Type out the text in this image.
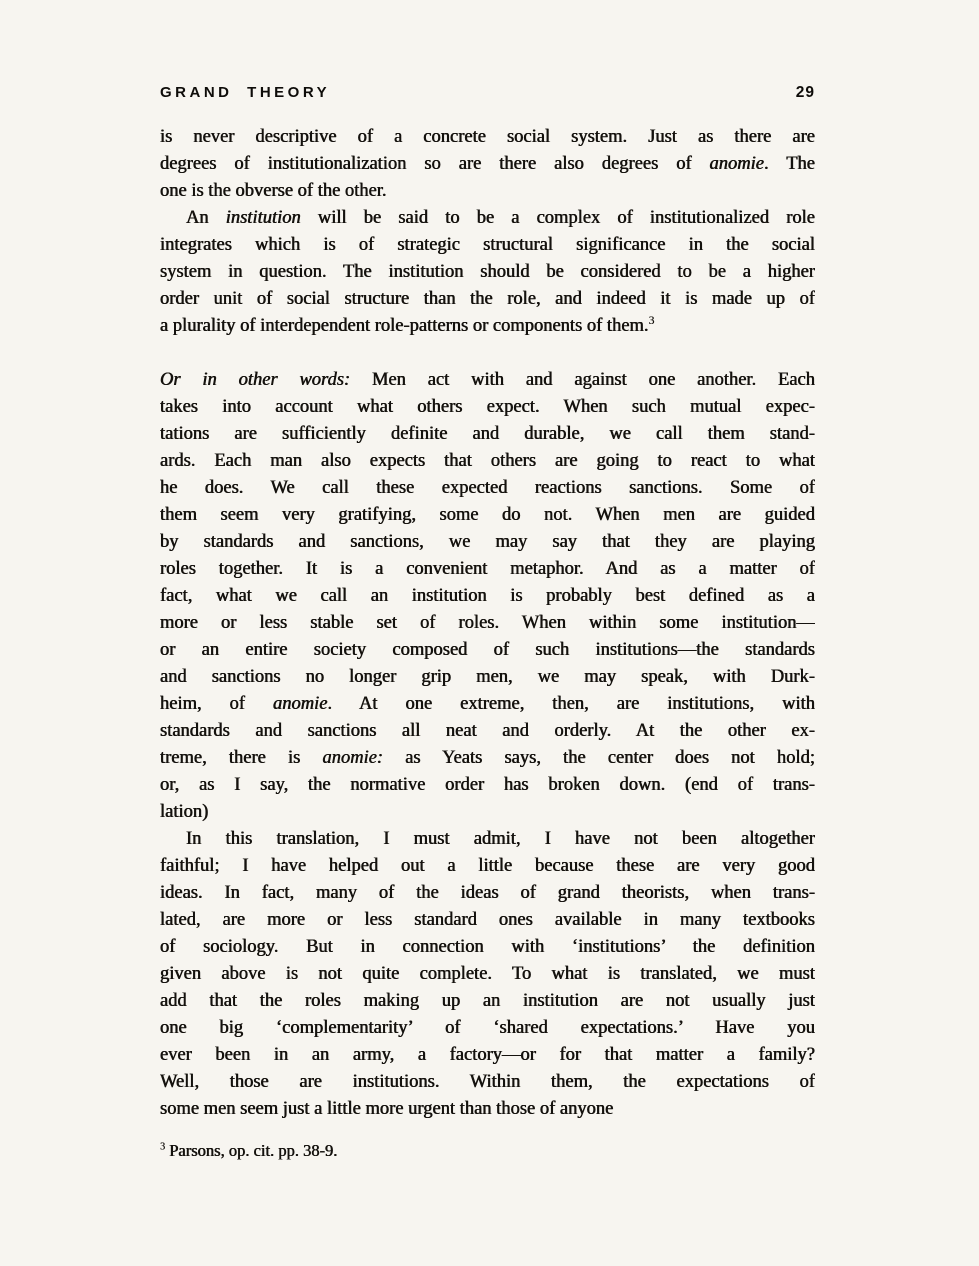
GRAND THEORY	29
is never descriptive of a concrete social system. Just as there are
degrees of institutionalization so are there also degrees of anomie. The
one is the obverse of the other.
An institution will be said to be a complex of institutionalized role
integrates which is of strategic structural significance in the social
system in question. The institution should be considered to be a higher
order unit of social structure than the role, and indeed it is made up of
a plurality of interdependent role-patterns or components of them.$^3$
Or in other words: Men act with and against one another. Each
takes into account what others expect. When such mutual expec-
tations are sufficiently definite and durable, we call them stand-
ards. Each man also expects that others are going to react to what
he does. We call these expected reactions sanctions. Some of
them seem very gratifying, some do not. When men are guided
by standards and sanctions, we may say that they are playing
roles together. It is a convenient metaphor. And as a matter of
fact, what we call an institution is probably best defined as a
more or less stable set of roles. When within some institution—
or an entire society composed of such institutions—the standards
and sanctions no longer grip men, we may speak, with Durk-
heim, of anomie. At one extreme, then, are institutions, with
standards and sanctions all neat and orderly. At the other ex-
treme, there is anomie: as Yeats says, the center does not hold;
or, as I say, the normative order has broken down. (end of trans-
lation)
In this translation, I must admit, I have not been altogether
faithful; I have helped out a little because these are very good
ideas. In fact, many of the ideas of grand theorists, when trans-
lated, are more or less standard ones available in many textbooks
of sociology. But in connection with ‘institutions’ the definition
given above is not quite complete. To what is translated, we must
add that the roles making up an institution are not usually just
one big ‘complementarity’ of ‘shared expectations.’ Have you
ever been in an army, a factory—or for that matter a family?
Well, those are institutions. Within them, the expectations of
some men seem just a little more urgent than those of anyone
$^3$ Parsons, op. cit. pp. 38-9.
